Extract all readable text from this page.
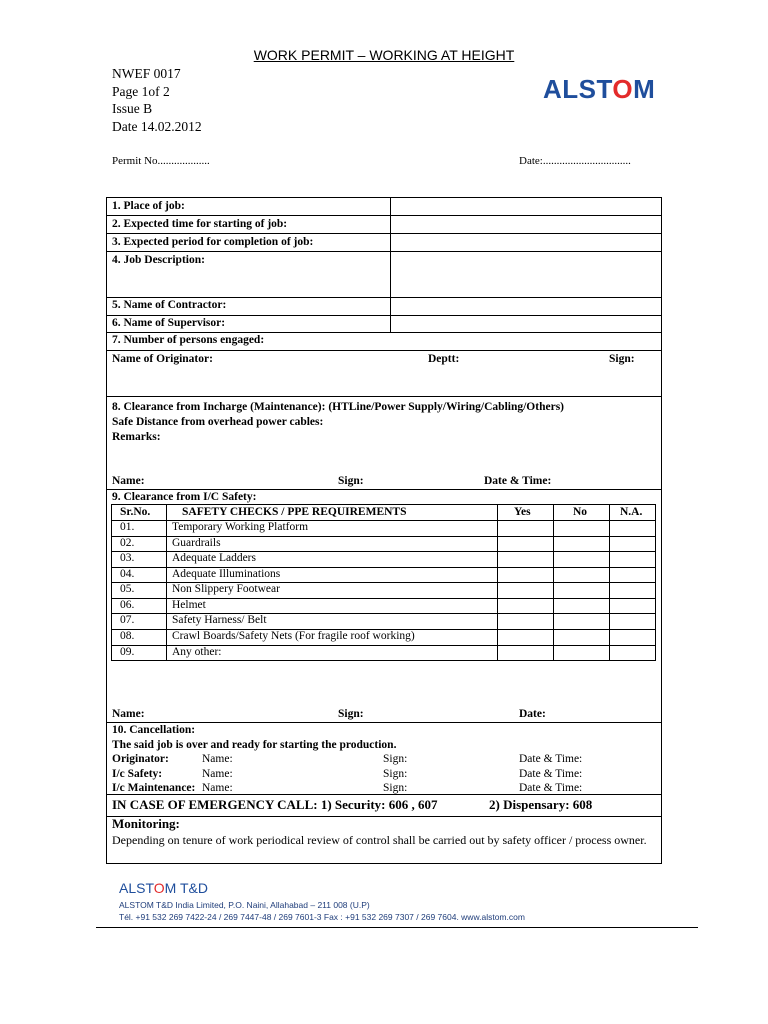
WORK PERMIT – WORKING AT HEIGHT
NWEF 0017
Page 1of 2
Issue B
Date 14.02.2012
ALSTOM
Permit No...................	Date:................................
1. Place of job:
2. Expected time for starting of job:
3. Expected period for completion of job:
4. Job Description:
5. Name of Contractor:
6. Name of Supervisor:
7. Number of persons engaged:
Name of Originator:	Deptt:	Sign:
8. Clearance from Incharge (Maintenance): (HTLine/Power Supply/Wiring/Cabling/Others)
Safe Distance from overhead power cables:
Remarks:
Name:	Sign:	Date & Time:
9. Clearance from I/C Safety:
Name:	Sign:	Date:
10. Cancellation:
The said job is over and ready for starting the production.
Originator:	Name:	Sign:	Date & Time:
I/c Safety:	Name:	Sign:	Date & Time:
I/c Maintenance: Name:	Sign:	Date & Time:
IN CASE OF EMERGENCY CALL: 1) Security: 606 , 607	2) Dispensary: 608
Monitoring:
Depending on tenure of work periodical review of control shall be carried out by safety officer / process owner.
Sr.No.	SAFETY CHECKS / PPE REQUIREMENTS	Yes	No	N.A.
01.	Temporary Working Platform
02.	Guardrails
03.	Adequate Ladders
04.	Adequate Illuminations
05.	Non Slippery Footwear
06.	Helmet
07.	Safety Harness/ Belt
08.	Crawl Boards/Safety Nets (For fragile roof working)
09.	Any other:
ALSTOM T&D
ALSTOM T&D India Limited, P.O. Naini, Allahabad – 211 008 (U.P)
Tél. +91 532 269 7422-24 / 269 7447-48 / 269 7601-3 Fax : +91 532 269 7307 / 269 7604. www.alstom.com
